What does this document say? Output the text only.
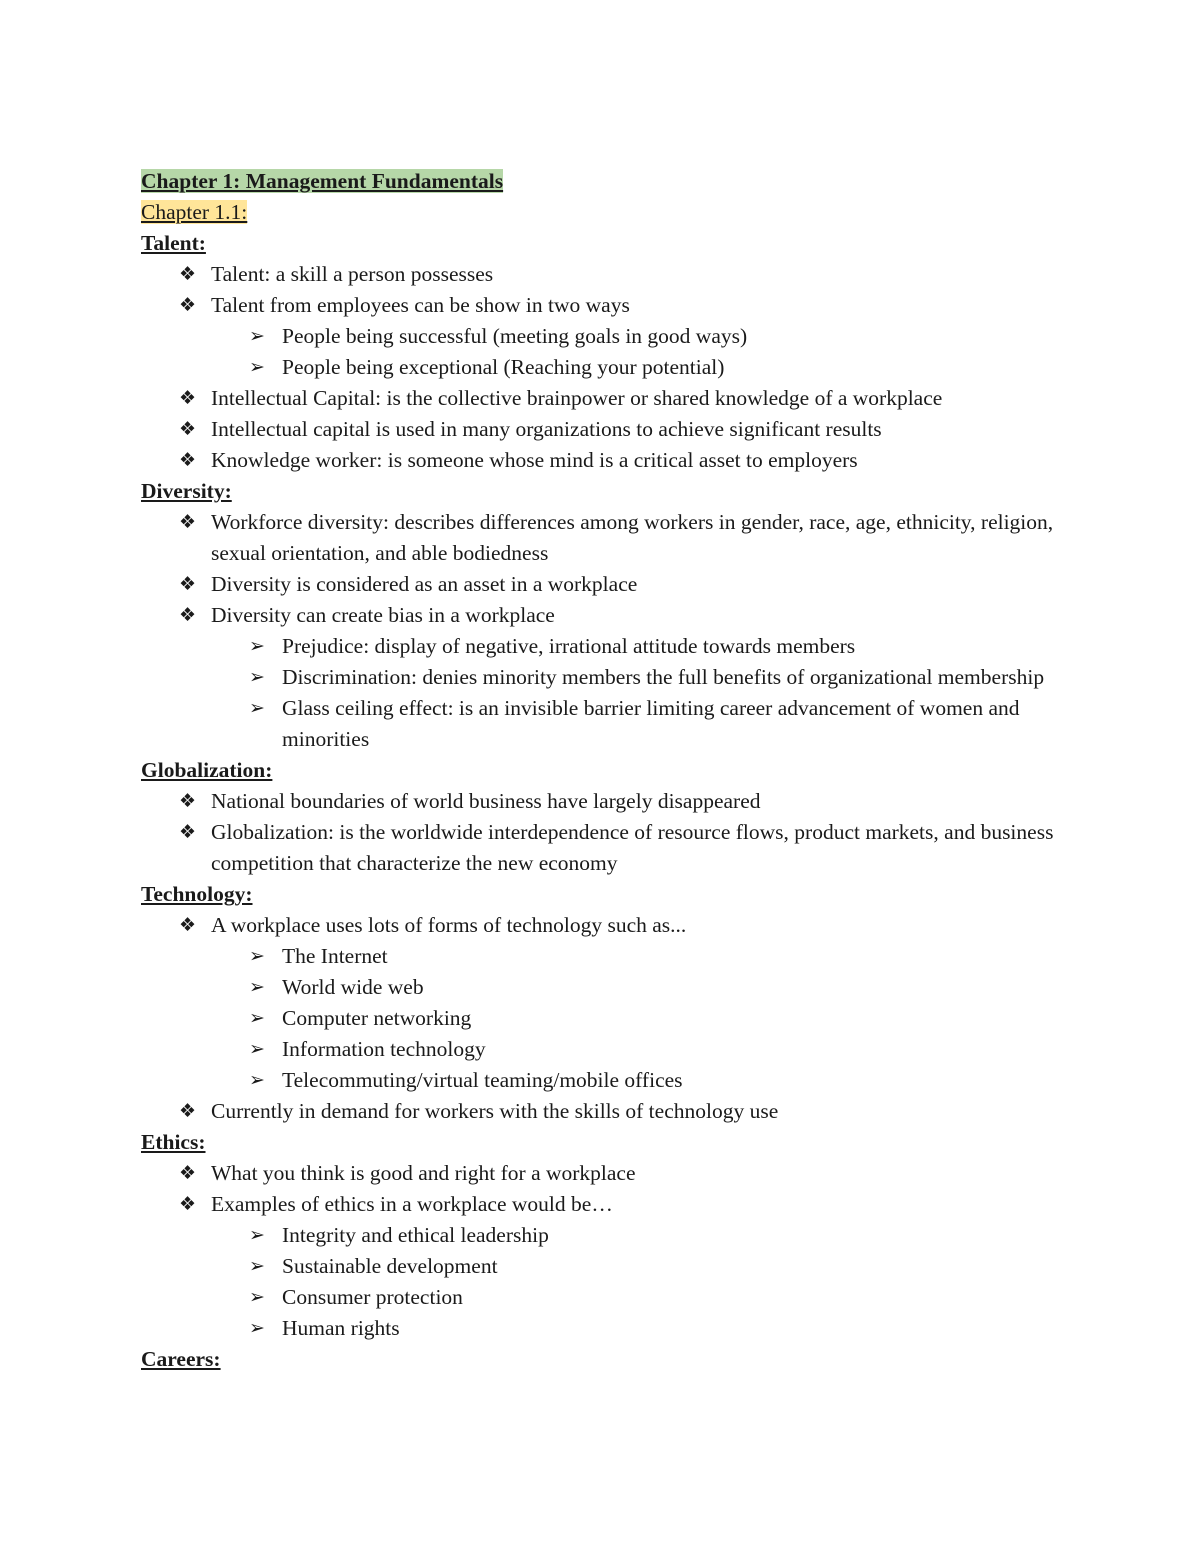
Chapter 1: Management Fundamentals

Chapter 1.1:

Talent:

❖ Talent: a skill a person possesses
❖ Talent from employees can be show in two ways
➢ People being successful (meeting goals in good ways)
➢ People being exceptional (Reaching your potential)
❖ Intellectual Capital: is the collective brainpower or shared knowledge of a workplace
❖ Intellectual capital is used in many organizations to achieve significant results
❖ Knowledge worker: is someone whose mind is a critical asset to employers

Diversity:

❖ Workforce diversity: describes differences among workers in gender, race, age, ethnicity, religion, sexual orientation, and able bodiedness
❖ Diversity is considered as an asset in a workplace
❖ Diversity can create bias in a workplace
➢ Prejudice: display of negative, irrational attitude towards members
➢ Discrimination: denies minority members the full benefits of organizational membership
➢ Glass ceiling effect: is an invisible barrier limiting career advancement of women and minorities

Globalization:

❖ National boundaries of world business have largely disappeared
❖ Globalization: is the worldwide interdependence of resource flows, product markets, and business competition that characterize the new economy

Technology:

❖ A workplace uses lots of forms of technology such as...
➢ The Internet
➢ World wide web
➢ Computer networking
➢ Information technology
➢ Telecommuting/virtual teaming/mobile offices
❖ Currently in demand for workers with the skills of technology use

Ethics:

❖ What you think is good and right for a workplace
❖ Examples of ethics in a workplace would be…
➢ Integrity and ethical leadership
➢ Sustainable development
➢ Consumer protection
➢ Human rights

Careers:
